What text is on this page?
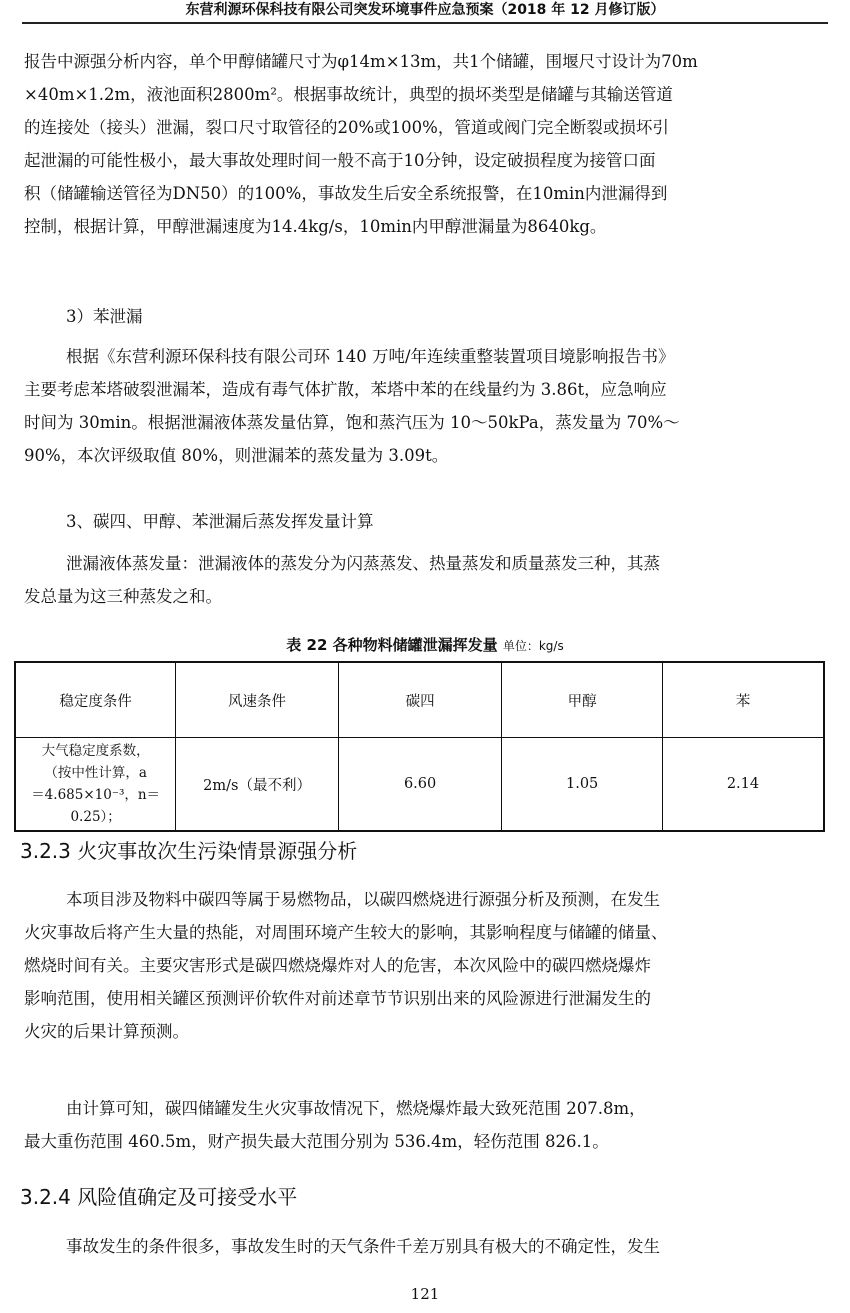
东营利源环保科技有限公司突发环境事件应急预案（2018 年 12 月修订版）
报告中源强分析内容，单个甲醇储罐尺寸为φ14m×13m，共1个储罐，围堰尺寸设计为70m
×40m×1.2m，液池面积2800m²。根据事故统计，典型的损坏类型是储罐与其输送管道
的连接处（接头）泄漏，裂口尺寸取管径的20%或100%，管道或阀门完全断裂或损坏引
起泄漏的可能性极小，最大事故处理时间一般不高于10分钟，设定破损程度为接管口面
积（储罐输送管径为DN50）的100%，事故发生后安全系统报警，在10min内泄漏得到
控制，根据计算，甲醇泄漏速度为14.4kg/s，10min内甲醇泄漏量为8640kg。
3）苯泄漏
根据《东营利源环保科技有限公司环 140 万吨/年连续重整装置项目境影响报告书》
主要考虑苯塔破裂泄漏苯，造成有毒气体扩散，苯塔中苯的在线量约为 3.86t，应急响应
时间为 30min。根据泄漏液体蒸发量估算，饱和蒸汽压为 10～50kPa，蒸发量为 70%～
90%，本次评级取值 80%，则泄漏苯的蒸发量为 3.09t。
3、碳四、甲醇、苯泄漏后蒸发挥发量计算
泄漏液体蒸发量：泄漏液体的蒸发分为闪蒸蒸发、热量蒸发和质量蒸发三种，其蒸
发总量为这三种蒸发之和。
表 22 各种物料储罐泄漏挥发量 单位：kg/s
稳定度条件	风速条件	碳四	甲醇	苯

大气稳定度系数，
（按中性计算，a
＝4.685×10⁻³，n＝
0.25）；	2m/s（最不利）	6.60	1.05	2.14
3.2.3 火灾事故次生污染情景源强分析
本项目涉及物料中碳四等属于易燃物品，以碳四燃烧进行源强分析及预测，在发生
火灾事故后将产生大量的热能，对周围环境产生较大的影响，其影响程度与储罐的储量、
燃烧时间有关。主要灾害形式是碳四燃烧爆炸对人的危害，本次风险中的碳四燃烧爆炸
影响范围，使用相关罐区预测评价软件对前述章节节识别出来的风险源进行泄漏发生的
火灾的后果计算预测。
由计算可知，碳四储罐发生火灾事故情况下，燃烧爆炸最大致死范围 207.8m，
最大重伤范围 460.5m，财产损失最大范围分别为 536.4m，轻伤范围 826.1。
3.2.4 风险值确定及可接受水平
事故发生的条件很多，事故发生时的天气条件千差万别具有极大的不确定性，发生
121
